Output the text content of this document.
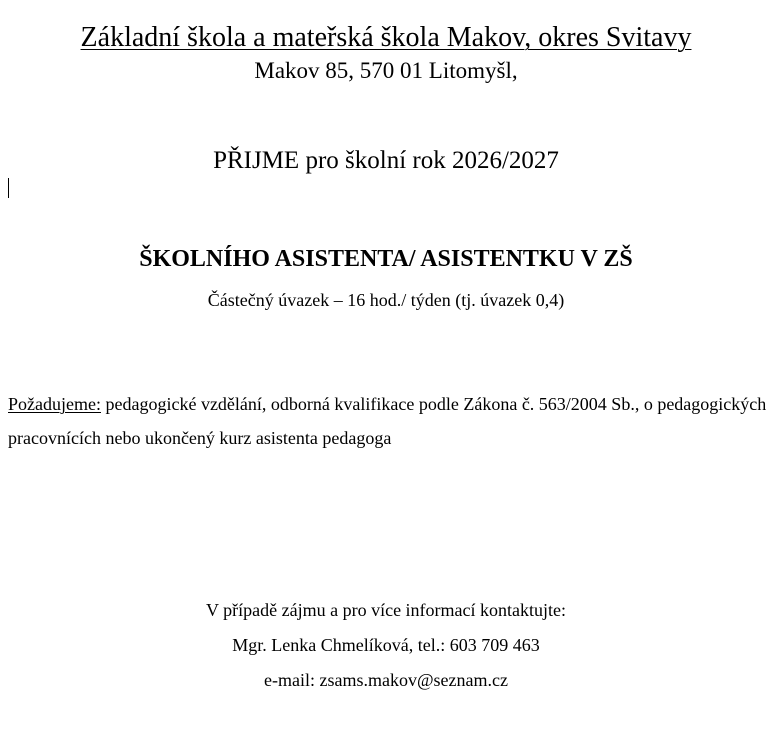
Základní škola a mateřská škola Makov, okres Svitavy
Makov 85, 570 01 Litomyšl,
PŘIJME pro školní rok 2026/2027
ŠKOLNÍHO ASISTENTA/ ASISTENTKU V ZŠ
Částečný úvazek – 16 hod./ týden (tj. úvazek 0,4)
Požadujeme: pedagogické vzdělání, odborná kvalifikace podle Zákona č. 563/2004 Sb., o pedagogických pracovnících nebo ukončený kurz asistenta pedagoga
V případě zájmu a pro více informací kontaktujte:
Mgr. Lenka Chmelíková, tel.: 603 709 463
e-mail: zsams.makov@seznam.cz
